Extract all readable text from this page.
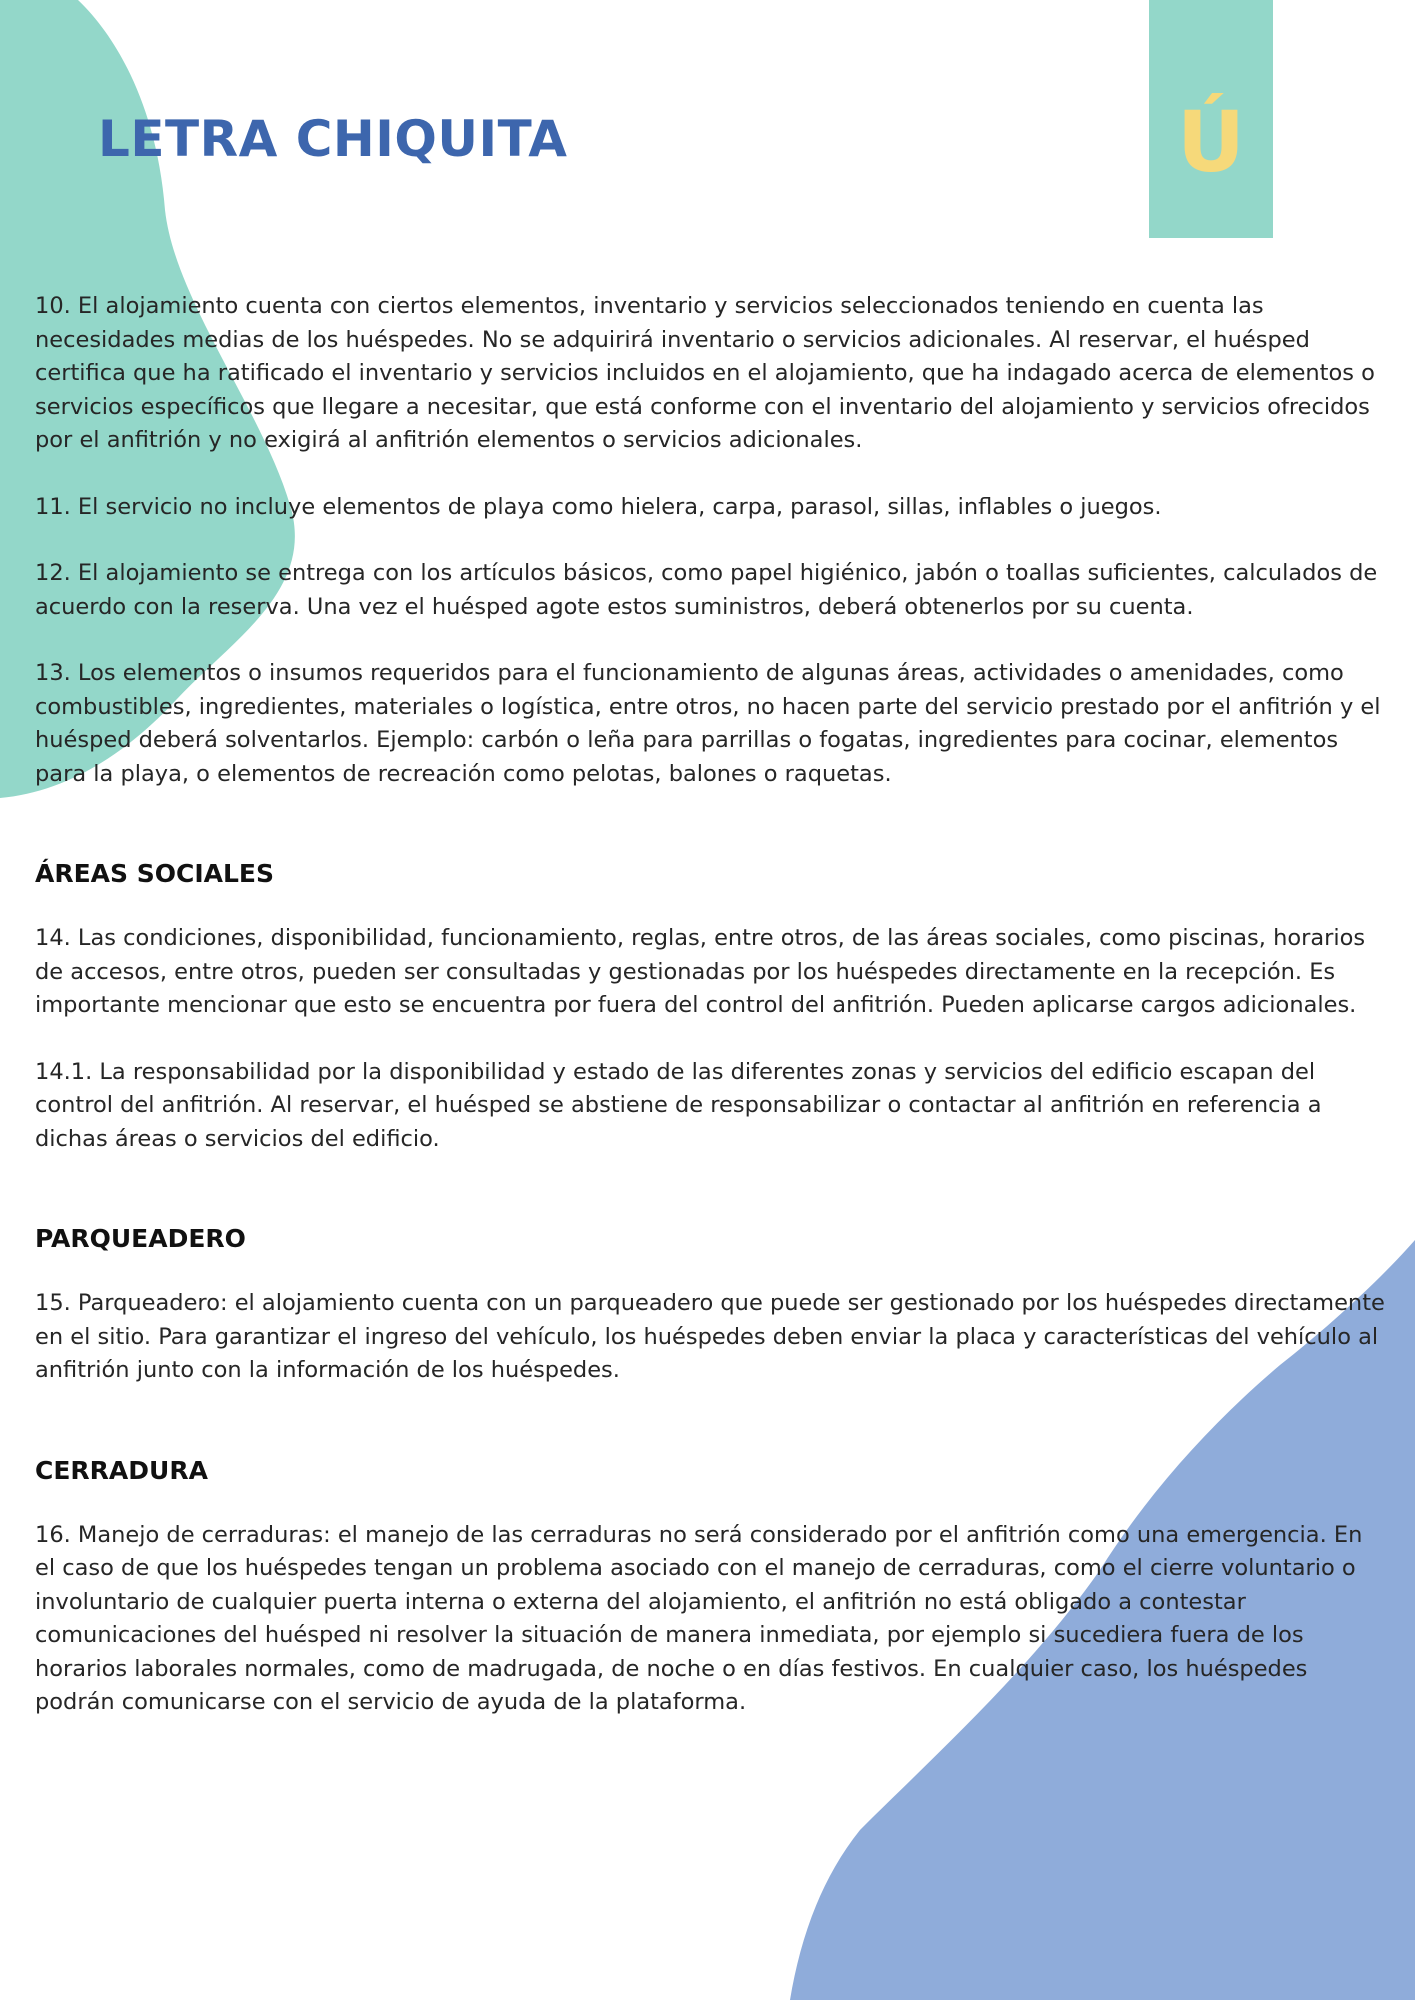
LETRA CHIQUITA	Ú

10. El alojamiento cuenta con ciertos elementos, inventario y servicios seleccionados teniendo en cuenta las necesidades medias de los huéspedes. No se adquirirá inventario o servicios adicionales. Al reservar, el huésped certifica que ha ratificado el inventario y servicios incluidos en el alojamiento, que ha indagado acerca de elementos o servicios específicos que llegare a necesitar, que está conforme con el inventario del alojamiento y servicios ofrecidos por el anfitrión y no exigirá al anfitrión elementos o servicios adicionales.

11. El servicio no incluye elementos de playa como hielera, carpa, parasol, sillas, inflables o juegos.

12. El alojamiento se entrega con los artículos básicos, como papel higiénico, jabón o toallas suficientes, calculados de acuerdo con la reserva. Una vez el huésped agote estos suministros, deberá obtenerlos por su cuenta.

13. Los elementos o insumos requeridos para el funcionamiento de algunas áreas, actividades o amenidades, como combustibles, ingredientes, materiales o logística, entre otros, no hacen parte del servicio prestado por el anfitrión y el huésped deberá solventarlos. Ejemplo: carbón o leña para parrillas o fogatas, ingredientes para cocinar, elementos para la playa, o elementos de recreación como pelotas, balones o raquetas.

ÁREAS SOCIALES

14. Las condiciones, disponibilidad, funcionamiento, reglas, entre otros, de las áreas sociales, como piscinas, horarios de accesos, entre otros, pueden ser consultadas y gestionadas por los huéspedes directamente en la recepción. Es importante mencionar que esto se encuentra por fuera del control del anfitrión. Pueden aplicarse cargos adicionales.

14.1. La responsabilidad por la disponibilidad y estado de las diferentes zonas y servicios del edificio escapan del control del anfitrión. Al reservar, el huésped se abstiene de responsabilizar o contactar al anfitrión en referencia a dichas áreas o servicios del edificio.

PARQUEADERO

15. Parqueadero: el alojamiento cuenta con un parqueadero que puede ser gestionado por los huéspedes directamente en el sitio. Para garantizar el ingreso del vehículo, los huéspedes deben enviar la placa y características del vehículo al anfitrión junto con la información de los huéspedes.

CERRADURA

16. Manejo de cerraduras: el manejo de las cerraduras no será considerado por el anfitrión como una emergencia. En el caso de que los huéspedes tengan un problema asociado con el manejo de cerraduras, como el cierre voluntario o involuntario de cualquier puerta interna o externa del alojamiento, el anfitrión no está obligado a contestar comunicaciones del huésped ni resolver la situación de manera inmediata, por ejemplo si sucediera fuera de los horarios laborales normales, como de madrugada, de noche o en días festivos. En cualquier caso, los huéspedes podrán comunicarse con el servicio de ayuda de la plataforma.
